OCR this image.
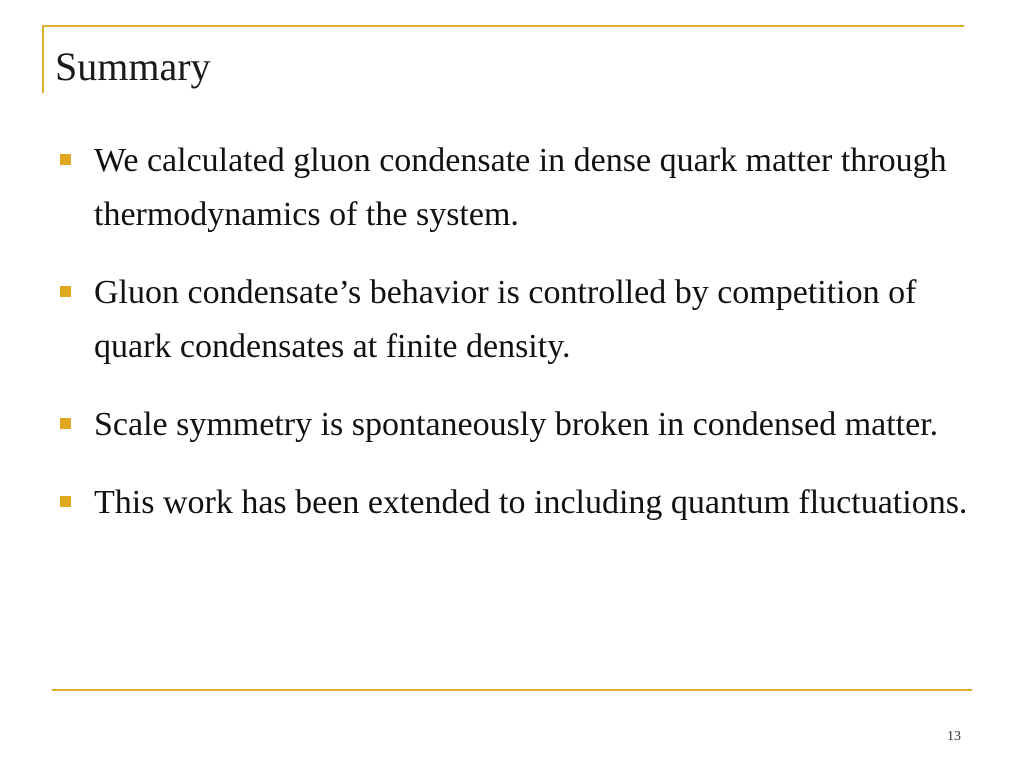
Summary
We calculated gluon condensate in dense quark matter through thermodynamics of the system.
Gluon condensate’s behavior is controlled by competition of quark condensates at finite density.
Scale symmetry is spontaneously broken in condensed matter.
This work has been extended to including quantum fluctuations.
13
